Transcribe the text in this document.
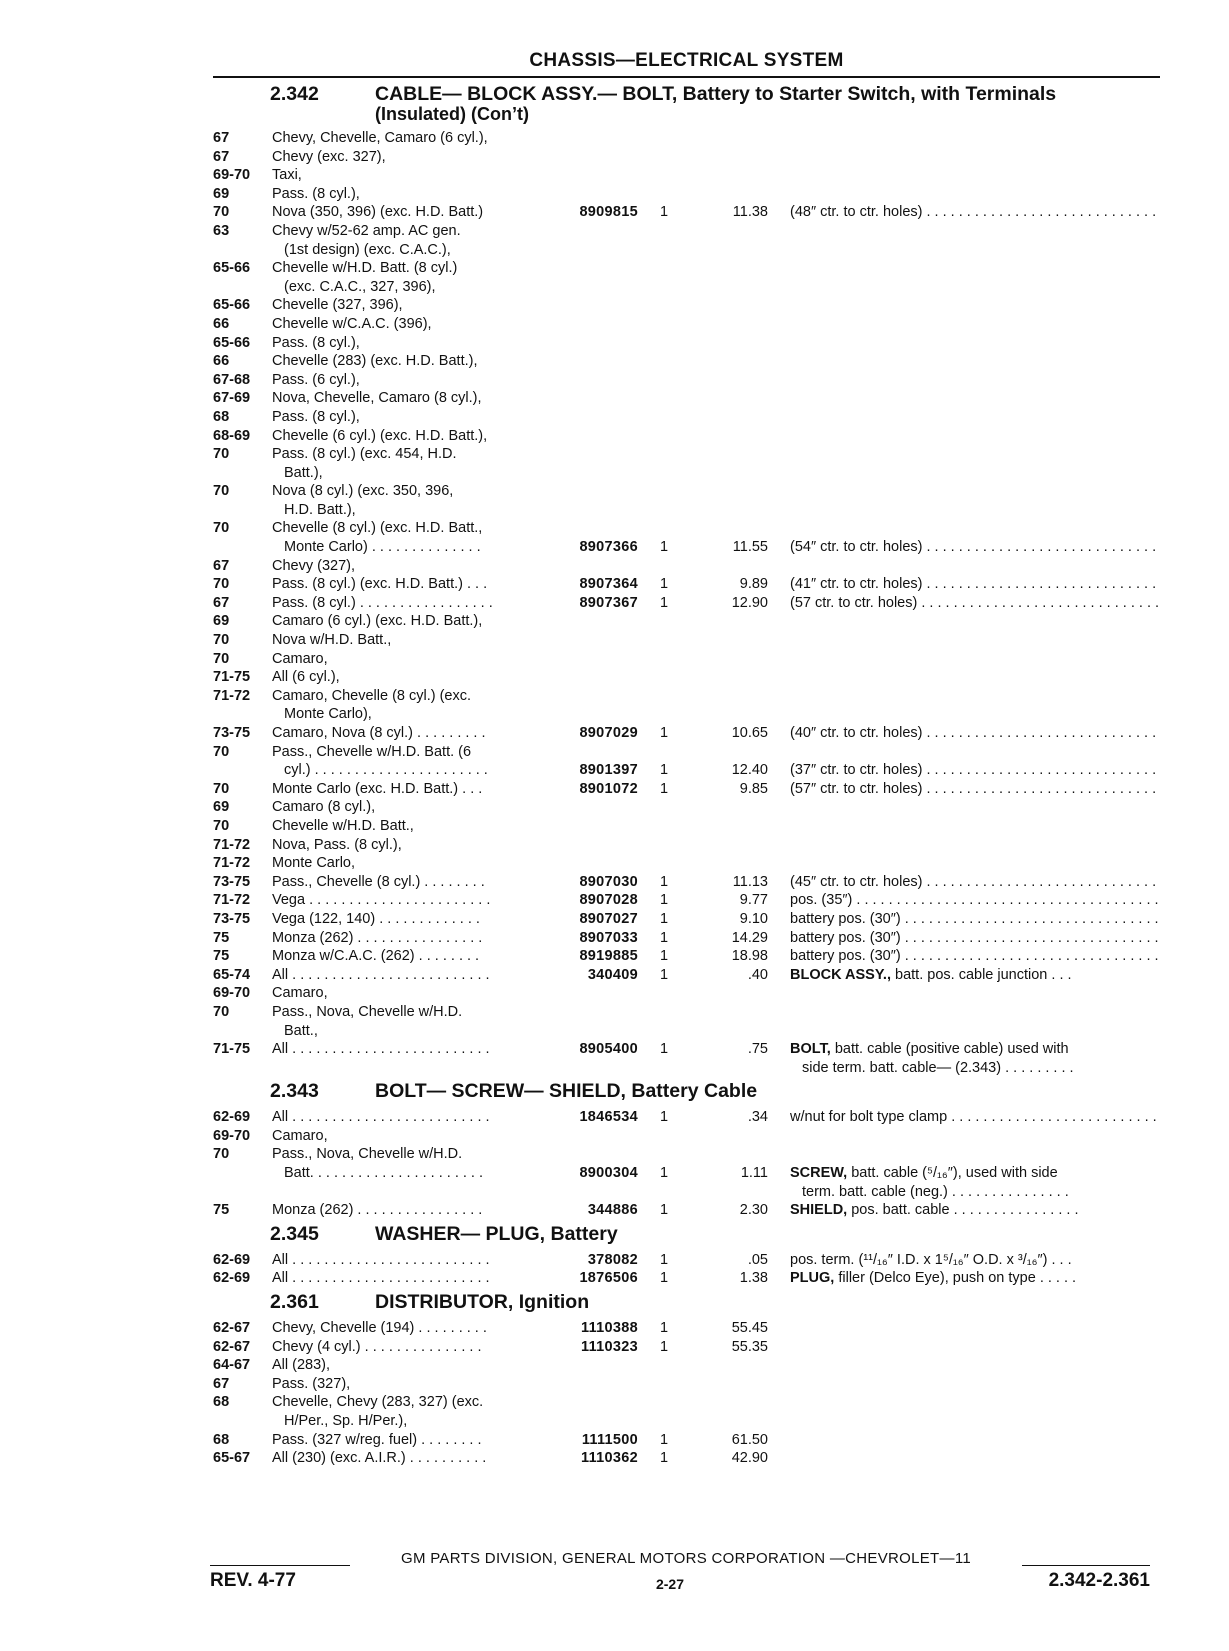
CHASSIS—ELECTRICAL SYSTEM
2.342	CABLE— BLOCK ASSY.— BOLT, Battery to Starter Switch, with Terminals
(Insulated) (Con’t)
67	Chevy, Chevelle, Camaro (6 cyl.),
67	Chevy (exc. 327),
69-70 Taxi,
69	Pass. (8 cyl.),
70	Nova (350, 396) (exc. H.D. Batt.)	8909815 1	11.38 (48″ ctr. to ctr. holes) . . .
63	Chevy w/52-62 amp. AC gen.
(1st design) (exc. C.A.C.),
65-66 Chevelle w/H.D. Batt. (8 cyl.)
(exc. C.A.C., 327, 396),
65-66 Chevelle (327, 396),
66	Chevelle w/C.A.C. (396),
65-66 Pass. (8 cyl.),
66	Chevelle (283) (exc. H.D. Batt.),
67-68 Pass. (6 cyl.),
67-69 Nova, Chevelle, Camaro (8 cyl.),
68	Pass. (8 cyl.),
68-69 Chevelle (6 cyl.) (exc. H.D. Batt.),
70	Pass. (8 cyl.) (exc. 454, H.D.
Batt.),
70	Nova (8 cyl.) (exc. 350, 396,
H.D. Batt.),
70	Chevelle (8 cyl.) (exc. H.D. Batt.,
Monte Carlo) . . . . . . . . . . . . . .	8907366 1	11.55 (54″ ctr. to ctr. holes) . . .
67	Chevy (327),
70	Pass. (8 cyl.) (exc. H.D. Batt.) . . .	8907364 1	9.89 (41″ ctr. to ctr. holes) . . .
67	Pass. (8 cyl.) . . . . . . . . . . . . . . . . .	8907367 1	12.90 (57 ctr. to ctr. holes) . . .
69	Camaro (6 cyl.) (exc. H.D. Batt.),
70	Nova w/H.D. Batt.,
70	Camaro,
71-75 All (6 cyl.),
71-72 Camaro, Chevelle (8 cyl.) (exc.
Monte Carlo),
73-75 Camaro, Nova (8 cyl.) . . . . . . . . .	8907029 1	10.65 (40″ ctr. to ctr. holes) . . .
70	Pass., Chevelle w/H.D. Batt. (6
cyl.) . . . . . . . . . . . . . . . . . . . . . .	8901397 1	12.40 (37″ ctr. to ctr. holes) . . .
70	Monte Carlo (exc. H.D. Batt.) . . .	8901072 1	9.85 (57″ ctr. to ctr. holes) . . .
69	Camaro (8 cyl.),
70	Chevelle w/H.D. Batt.,
71-72 Nova, Pass. (8 cyl.),
71-72 Monte Carlo,
73-75 Pass., Chevelle (8 cyl.) . . . . . . . .	8907030 1	11.13 (45″ ctr. to ctr. holes) . . .
71-72 Vega . . . . . . . . . . . . . . . . . . . . . . .	8907028 1	9.77 pos. (35″) . . .
73-75 Vega (122, 140) . . . . . . . . . . . . .	8907027 1	9.10 battery pos. (30″) . . .
75	Monza (262) . . . . . . . . . . . . . . . .	8907033 1	14.29 battery pos. (30″) . . .
75	Monza w/C.A.C. (262) . . . . . . . .	8919885 1	18.98 battery pos. (30″) . . .
65-74 All . . . . . . . . . . . . . . . . . . . . . . . . .	340409 1	.40 BLOCK ASSY., batt. pos. cable junction . . .
69-70 Camaro,
70	Pass., Nova, Chevelle w/H.D.
Batt.,
71-75 All . . . . . . . . . . . . . . . . . . . . . . . . .	8905400 1	.75 BOLT, batt. cable (positive cable) used with
side term. batt. cable— (2.343) . . . . . . . . .
2.343	BOLT— SCREW— SHIELD, Battery Cable
62-69 All . . . . . . . . . . . . . . . . . . . . . . . . .	1846534 1	.34 w/nut for bolt type clamp . . .
69-70 Camaro,
70	Pass., Nova, Chevelle w/H.D.
Batt. . . . . . . . . . . . . . . . . . . . . .	8900304 1	1.11 SCREW, batt. cable (⁵/₁₆″), used with side
term. batt. cable (neg.) . . . . . . . . . . . . . . .
75	Monza (262) . . . . . . . . . . . . . . . .	344886 1	2.30 SHIELD, pos. batt. cable . . . . . . . . . . . . . . . .
2.345	WASHER— PLUG, Battery
62-69 All . . . . . . . . . . . . . . . . . . . . . . . . .	378082 1	.05 pos. term. (¹¹/₁₆″ I.D. x 1⁵/₁₆″ O.D. x ³/₁₆″) . . .
62-69 All . . . . . . . . . . . . . . . . . . . . . . . . .	1876506 1	1.38 PLUG, filler (Delco Eye), push on type . . . . .
2.361	DISTRIBUTOR, Ignition
62-67 Chevy, Chevelle (194) . . . . . . . . .	1110388 1	55.45
62-67 Chevy (4 cyl.) . . . . . . . . . . . . . . .	1110323 1	55.35
64-67 All (283),
67	Pass. (327),
68	Chevelle, Chevy (283, 327) (exc.
H/Per., Sp. H/Per.),
68	Pass. (327 w/reg. fuel) . . . . . . . .	1111500 1	61.50
65-67 All (230) (exc. A.I.R.) . . . . . . . . . .	1110362 1	42.90
GM PARTS DIVISION, GENERAL MOTORS CORPORATION —CHEVROLET—11
REV. 4-77	2-27	2.342-2.361
